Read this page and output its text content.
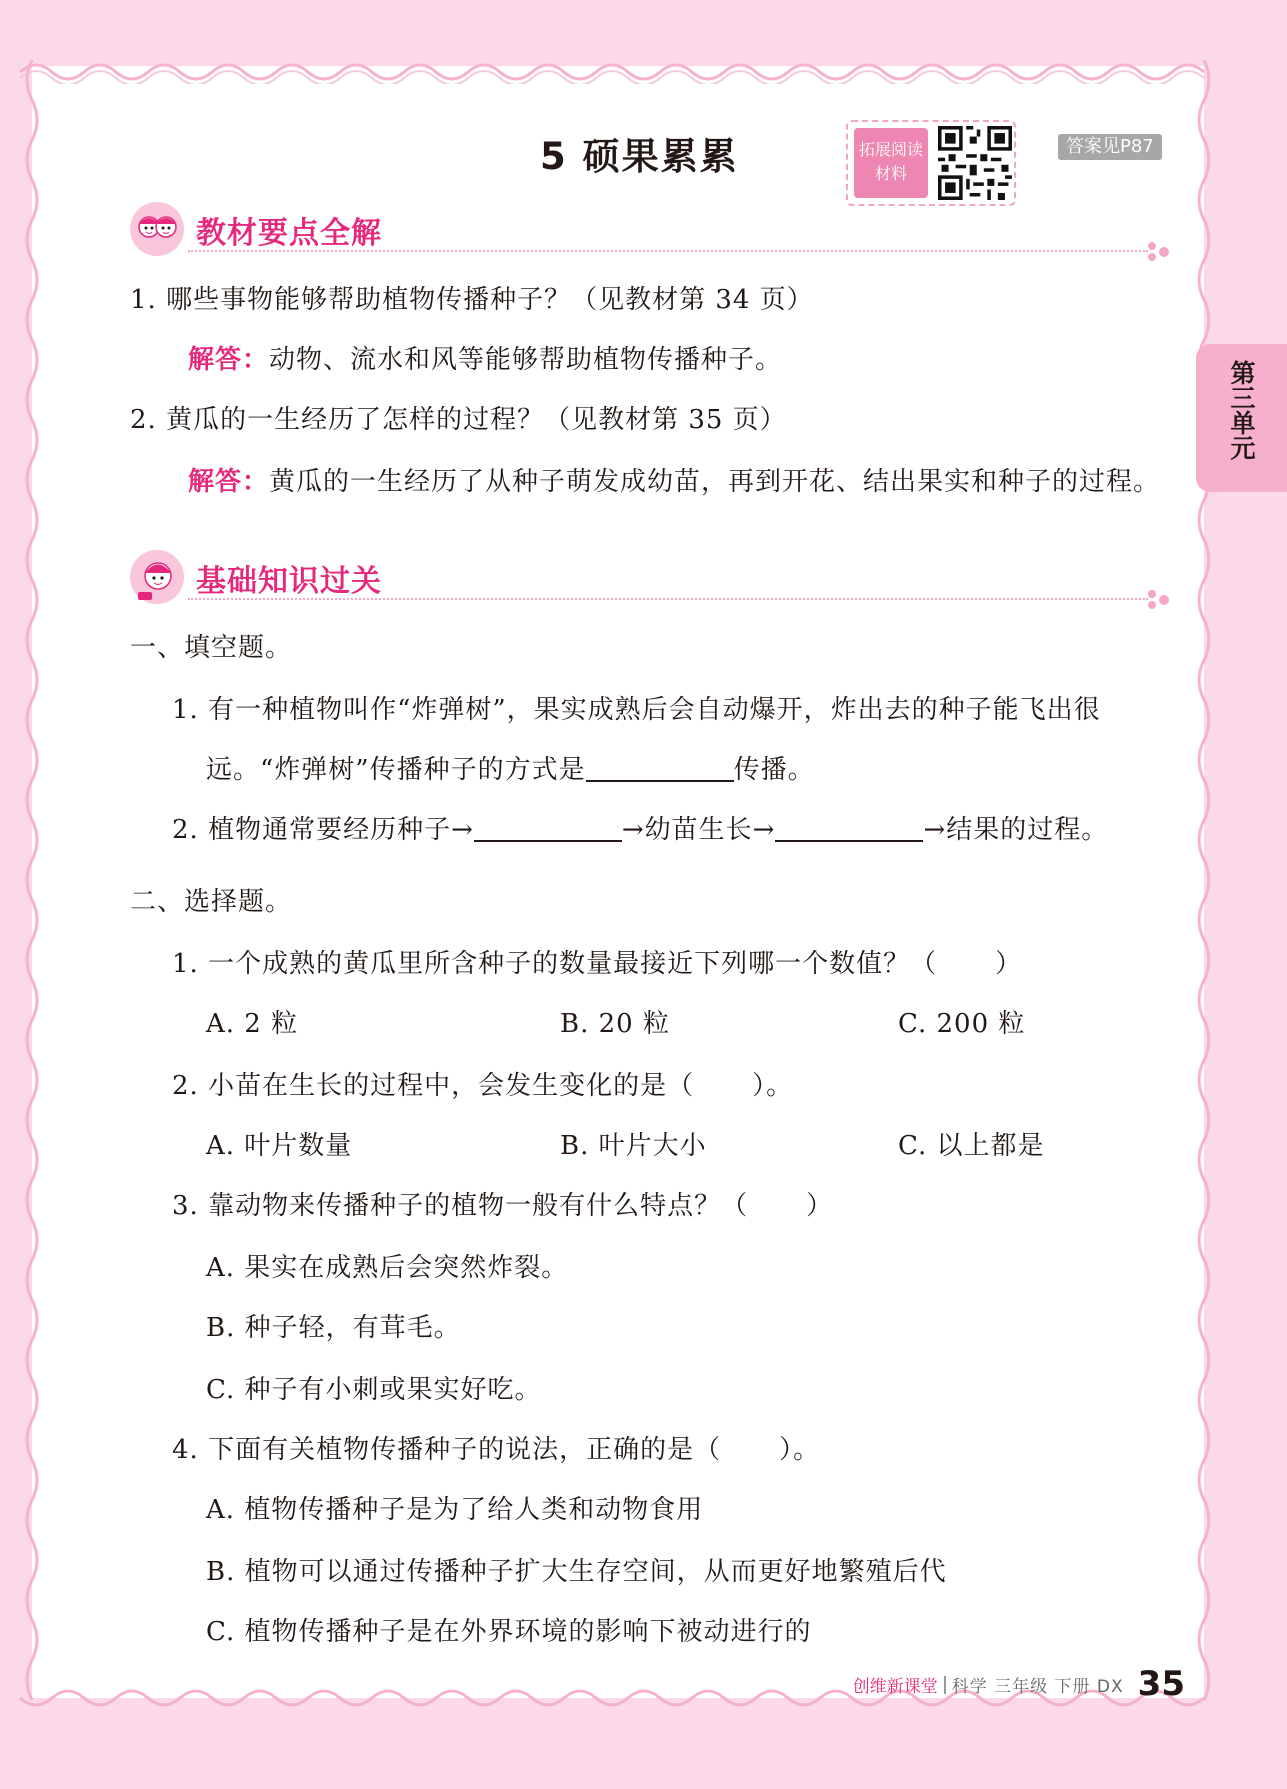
5 硕果累累	拓展阅读
材料
答案见P87
第三单元
教材要点全解
1. 哪些事物能够帮助植物传播种子？（见教材第 34 页）
解答：动物、流水和风等能够帮助植物传播种子。
2. 黄瓜的一生经历了怎样的过程？（见教材第 35 页）
解答：黄瓜的一生经历了从种子萌发成幼苗，再到开花、结出果实和种子的过程。
基础知识过关
一、填空题。
1. 有一种植物叫作“炸弹树”，果实成熟后会自动爆开，炸出去的种子能飞出很
远。“炸弹树”传播种子的方式是	传播。
2. 植物通常要经历种子→	→幼苗生长→	→结果的过程。
二、选择题。
1. 一个成熟的黄瓜里所含种子的数量最接近下列哪一个数值？（ ）
A. 2 粒	B. 20 粒	C. 200 粒
2. 小苗在生长的过程中，会发生变化的是（ ）。
A. 叶片数量	B. 叶片大小	C. 以上都是
3. 靠动物来传播种子的植物一般有什么特点？（ ）
A. 果实在成熟后会突然炸裂。
B. 种子轻，有茸毛。
C. 种子有小刺或果实好吃。
4. 下面有关植物传播种子的说法，正确的是（ ）。
A. 植物传播种子是为了给人类和动物食用
B. 植物可以通过传播种子扩大生存空间，从而更好地繁殖后代
C. 植物传播种子是在外界环境的影响下被动进行的
创维新课堂 科学 三年级 下册 DX 35
